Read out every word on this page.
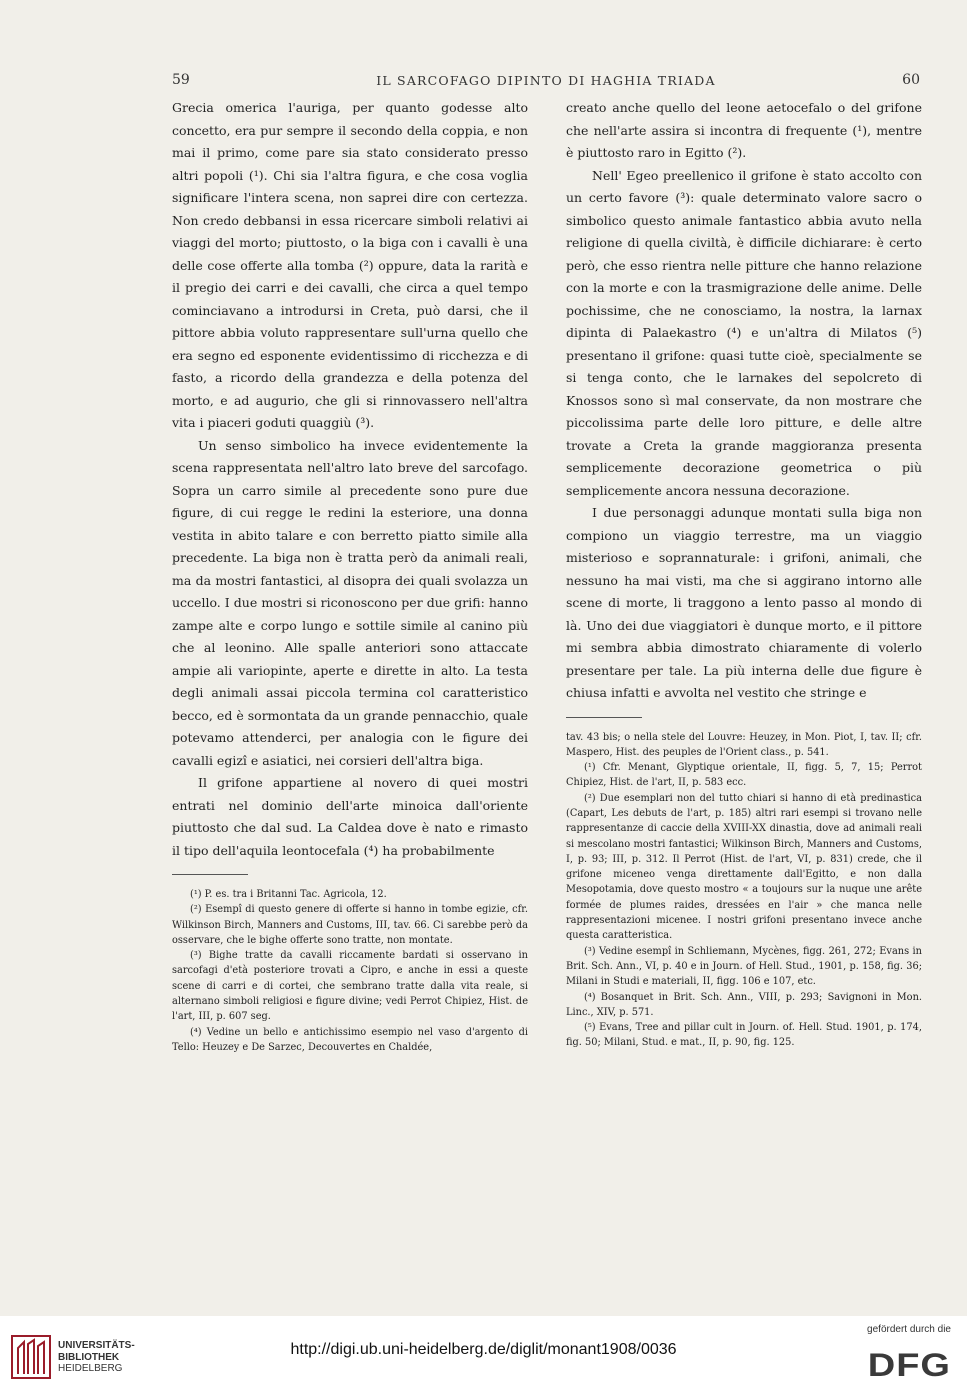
59	IL SARCOFAGO DIPINTO DI HAGHIA TRIADA	60

Grecia omerica l'auriga, per quanto godesse alto concetto, era pur sempre il secondo della coppia, e non mai il primo, come pare sia stato considerato presso altri popoli (¹). Chi sia l'altra figura, e che cosa voglia significare l'intera scena, non saprei dire con certezza. Non credo debbansi in essa ricercare simboli relativi ai viaggi del morto; piuttosto, o la biga con i cavalli è una delle cose offerte alla tomba (²) oppure, data la rarità e il pregio dei carri e dei cavalli, che circa a quel tempo cominciavano a introdursi in Creta, può darsi, che il pittore abbia voluto rappresentare sull'urna quello che era segno ed esponente evidentissimo di ricchezza e di fasto, a ricordo della grandezza e della potenza del morto, e ad augurio, che gli si rinnovassero nell'altra vita i piaceri goduti quaggiù (³).

Un senso simbolico ha invece evidentemente la scena rappresentata nell'altro lato breve del sarcofago. Sopra un carro simile al precedente sono pure due figure, di cui regge le redini la esteriore, una donna vestita in abito talare e con berretto piatto simile alla precedente. La biga non è tratta però da animali reali, ma da mostri fantastici, al disopra dei quali svolazza un uccello. I due mostri si riconoscono per due grifi: hanno zampe alte e corpo lungo e sottile simile al canino più che al leonino. Alle spalle anteriori sono attaccate ampie ali variopinte, aperte e dirette in alto. La testa degli animali assai piccola termina col caratteristico becco, ed è sormontata da un grande pennacchio, quale potevamo attenderci, per analogia con le figure dei cavalli egizî e asiatici, nei corsieri dell'altra biga.

Il grifone appartiene al novero di quei mostri entrati nel dominio dell'arte minoica dall'oriente piuttosto che dal sud. La Caldea dove è nato e rimasto il tipo dell'aquila leontocefala (⁴) ha probabilmente

(¹) P. es. tra i Britanni Tac. Agricola, 12.

(²) Esempî di questo genere di offerte si hanno in tombe egizie, cfr. Wilkinson Birch, Manners and Customs, III, tav. 66. Ci sarebbe però da osservare, che le bighe offerte sono tratte, non montate.

(³) Bighe tratte da cavalli riccamente bardati si osservano in sarcofagi d'età posteriore trovati a Cipro, e anche in essi a queste scene di carri e di cortei, che sembrano tratte dalla vita reale, si alternano simboli religiosi e figure divine; vedi Perrot Chipiez, Hist. de l'art, III, p. 607 seg.

(⁴) Vedine un bello e antichissimo esempio nel vaso d'argento di Tello: Heuzey e De Sarzec, Decouvertes en Chaldée,

creato anche quello del leone aetocefalo o del grifone che nell'arte assira si incontra di frequente (¹), mentre è piuttosto raro in Egitto (²).

Nell' Egeo preellenico il grifone è stato accolto con un certo favore (³): quale determinato valore sacro o simbolico questo animale fantastico abbia avuto nella religione di quella civiltà, è difficile dichiarare: è certo però, che esso rientra nelle pitture che hanno relazione con la morte e con la trasmigrazione delle anime. Delle pochissime, che ne conosciamo, la nostra, la larnax dipinta di Palaekastro (⁴) e un'altra di Milatos (⁵) presentano il grifone: quasi tutte cioè, specialmente se si tenga conto, che le larnakes del sepolcreto di Knossos sono sì mal conservate, da non mostrare che piccolissima parte delle loro pitture, e delle altre trovate a Creta la grande maggioranza presenta semplicemente decorazione geometrica o più semplicemente ancora nessuna decorazione.

I due personaggi adunque montati sulla biga non compiono un viaggio terrestre, ma un viaggio misterioso e soprannaturale: i grifoni, animali, che nessuno ha mai visti, ma che si aggirano intorno alle scene di morte, li traggono a lento passo al mondo di là. Uno dei due viaggiatori è dunque morto, e il pittore mi sembra abbia dimostrato chiaramente di volerlo presentare per tale. La più interna delle due figure è chiusa infatti e avvolta nel vestito che stringe e

tav. 43 bis; o nella stele del Louvre: Heuzey, in Mon. Piot, I, tav. II; cfr. Maspero, Hist. des peuples de l'Orient class., p. 541.

(¹) Cfr. Menant, Glyptique orientale, II, figg. 5, 7, 15; Perrot Chipiez, Hist. de l'art, II, p. 583 ecc.

(²) Due esemplari non del tutto chiari si hanno di età predinastica (Capart, Les debuts de l'art, p. 185) altri rari esempi si trovano nelle rappresentanze di caccie della XVIII-XX dinastia, dove ad animali reali si mescolano mostri fantastici; Wilkinson Birch, Manners and Customs, I, p. 93; III, p. 312. Il Perrot (Hist. de l'art, VI, p. 831) crede, che il grifone miceneo venga direttamente dall'Egitto, e non dalla Mesopotamia, dove questo mostro « a toujours sur la nuque une arête formée de plumes raides, dressées en l'air » che manca nelle rappresentazioni micenee. I nostri grifoni presentano invece anche questa caratteristica.

(³) Vedine esempî in Schliemann, Mycènes, figg. 261, 272; Evans in Brit. Sch. Ann., VI, p. 40 e in Journ. of Hell. Stud., 1901, p. 158, fig. 36; Milani in Studi e materiali, II, figg. 106 e 107, etc.

(⁴) Bosanquet in Brit. Sch. Ann., VIII, p. 293; Savignoni in Mon. Linc., XIV, p. 571.

(⁵) Evans, Tree and pillar cult in Journ. of. Hell. Stud. 1901, p. 174, fig. 50; Milani, Stud. e mat., II, p. 90, fig. 125.

UNIVERSITÄTS-
BIBLIOTHEK
HEIDELBERG
http://digi.ub.uni-heidelberg.de/diglit/monant1908/0036
gefördert durch die
DFG
